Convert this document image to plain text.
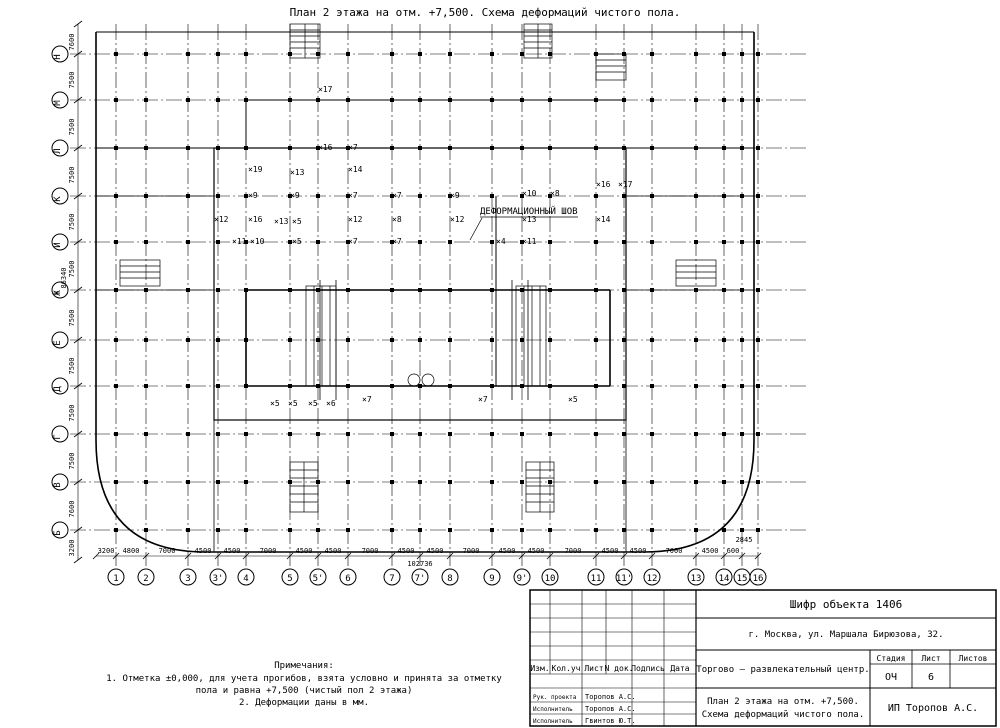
План 2 этажа на отм. +7,500. Схема деформаций чистого пола.
1	2	3 3' 4	5 5' 6	7 7' 8	9 9' 10	11 11' 12	13 14 15 16
Н
М
Л
К
И
Ж
Е
Д
Г
В
Б
7600
7500
7500
7500
7500
7500
7500
7500
7500
7500
7600
3200
86340
3200 4800	7000	4500 4500	7000	4500 4500	7000	4500 4500	7000	4500 4500	7000	4500 4500	7000	4500 600
102736
2845
×17
×16 ×7
×19	×13	×14
×16 ×17
×9	×9	×7	×7	×9	×10 ×8
×12 ×16 ×13 ×5	×12	×8	×12	×13	×14
×11 ×10	×5	×7	×7	×4 ×11
×5 ×5 ×5 ×6	×7	×7	×5
ДЕФОРМАЦИОННЫЙ ШОВ
Примечания:
1. Отметка ±0,000, для учета прогибов, взята условно и принята за отметку
пола и равна +7,500 (чистый пол 2 этажа)
2. Деформации даны в мм.
Изм. Кол.уч Лист N док.
Подпись Дата
Рук. проекта Торопов А.С.
Исполнитель Торопов А.С.
Исполнитель Гвинтов Ю.Т.
Шифр объекта 1406
г. Москва, ул. Маршала Бирюзова, 32.
Торгово – развлекательный центр.
План 2 этажа на отм. +7,500.
Схема деформаций чистого пола.
Стадия Лист Листов
ОЧ	6
ИП Торопов А.С.
